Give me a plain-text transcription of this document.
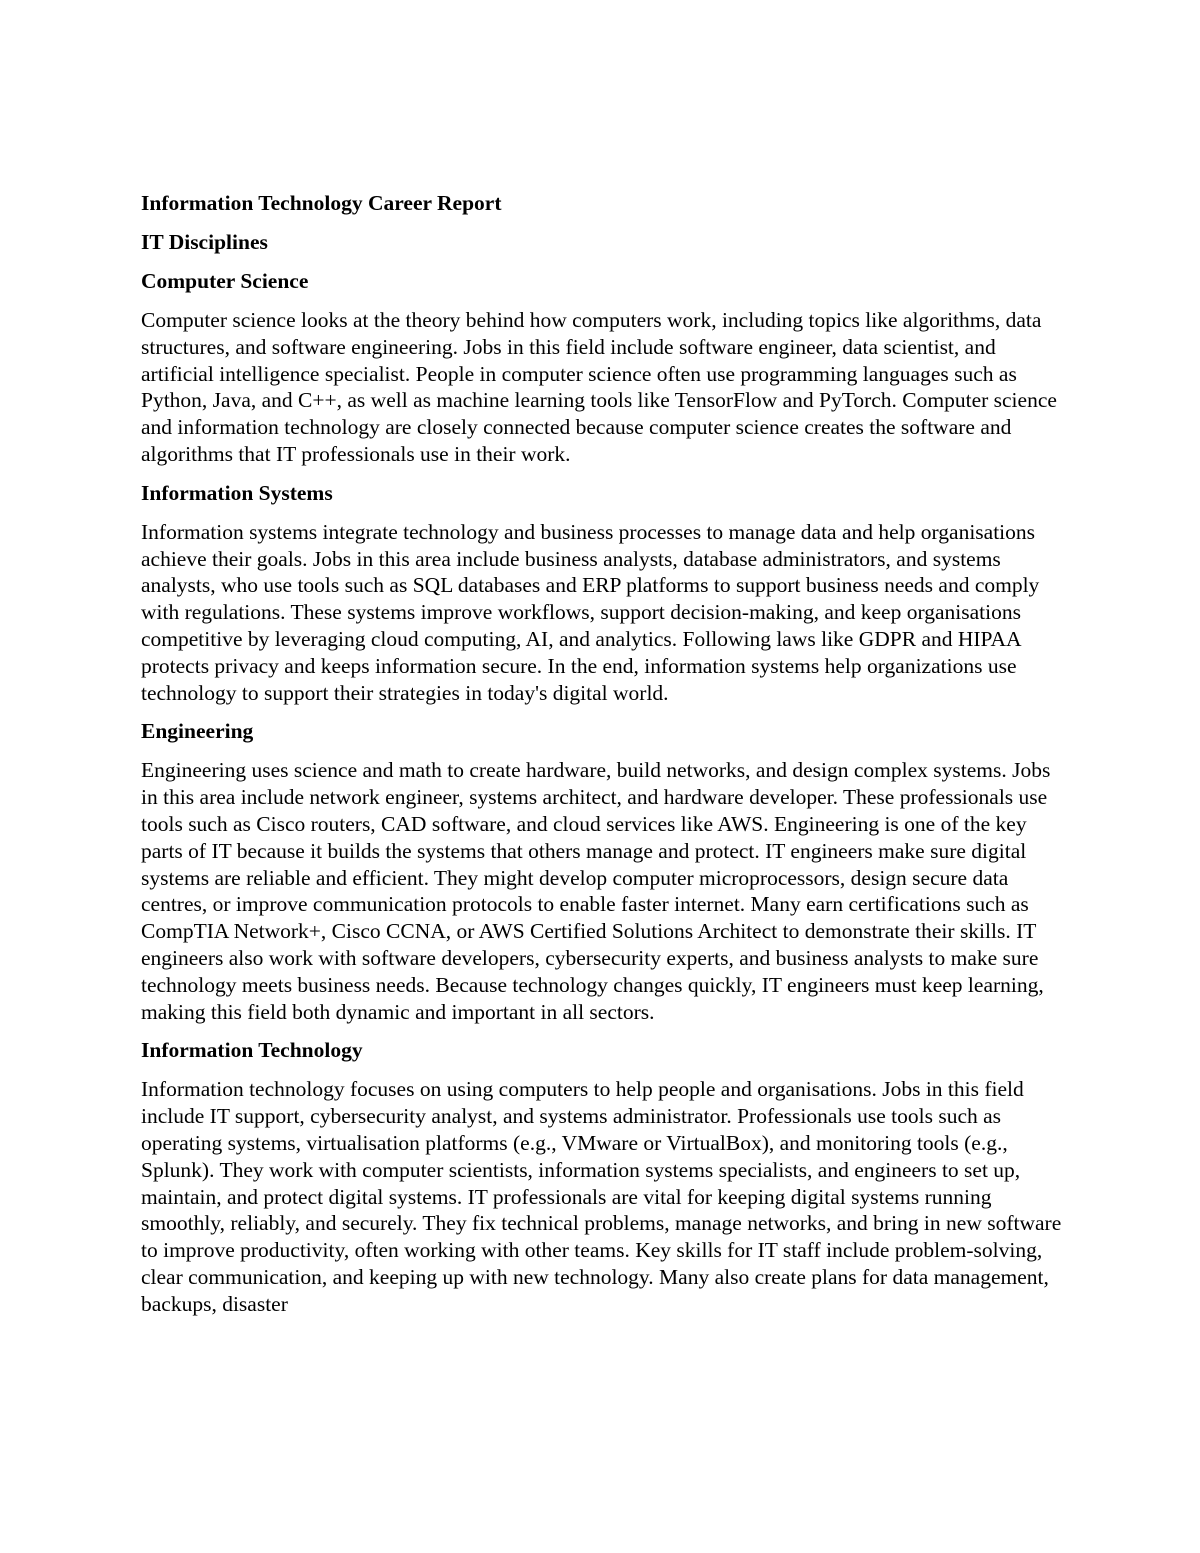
Information Technology Career Report
IT Disciplines
Computer Science

Computer science looks at the theory behind how computers work, including topics like algorithms, data structures, and software engineering. Jobs in this field include software engineer, data scientist, and artificial intelligence specialist. People in computer science often use programming languages such as Python, Java, and C++, as well as machine learning tools like TensorFlow and PyTorch. Computer science and information technology are closely connected because computer science creates the software and algorithms that IT professionals use in their work.

Information Systems

Information systems integrate technology and business processes to manage data and help organisations achieve their goals. Jobs in this area include business analysts, database administrators, and systems analysts, who use tools such as SQL databases and ERP platforms to support business needs and comply with regulations. These systems improve workflows, support decision-making, and keep organisations competitive by leveraging cloud computing, AI, and analytics. Following laws like GDPR and HIPAA protects privacy and keeps information secure. In the end, information systems help organizations use technology to support their strategies in today's digital world.

Engineering

Engineering uses science and math to create hardware, build networks, and design complex systems. Jobs in this area include network engineer, systems architect, and hardware developer. These professionals use tools such as Cisco routers, CAD software, and cloud services like AWS. Engineering is one of the key parts of IT because it builds the systems that others manage and protect. IT engineers make sure digital systems are reliable and efficient. They might develop computer microprocessors, design secure data centres, or improve communication protocols to enable faster internet. Many earn certifications such as CompTIA Network+, Cisco CCNA, or AWS Certified Solutions Architect to demonstrate their skills. IT engineers also work with software developers, cybersecurity experts, and business analysts to make sure technology meets business needs. Because technology changes quickly, IT engineers must keep learning, making this field both dynamic and important in all sectors.

Information Technology

Information technology focuses on using computers to help people and organisations. Jobs in this field include IT support, cybersecurity analyst, and systems administrator. Professionals use tools such as operating systems, virtualisation platforms (e.g., VMware or VirtualBox), and monitoring tools (e.g., Splunk). They work with computer scientists, information systems specialists, and engineers to set up, maintain, and protect digital systems. IT professionals are vital for keeping digital systems running smoothly, reliably, and securely. They fix technical problems, manage networks, and bring in new software to improve productivity, often working with other teams. Key skills for IT staff include problem-solving, clear communication, and keeping up with new technology. Many also create plans for data management, backups, disaster
